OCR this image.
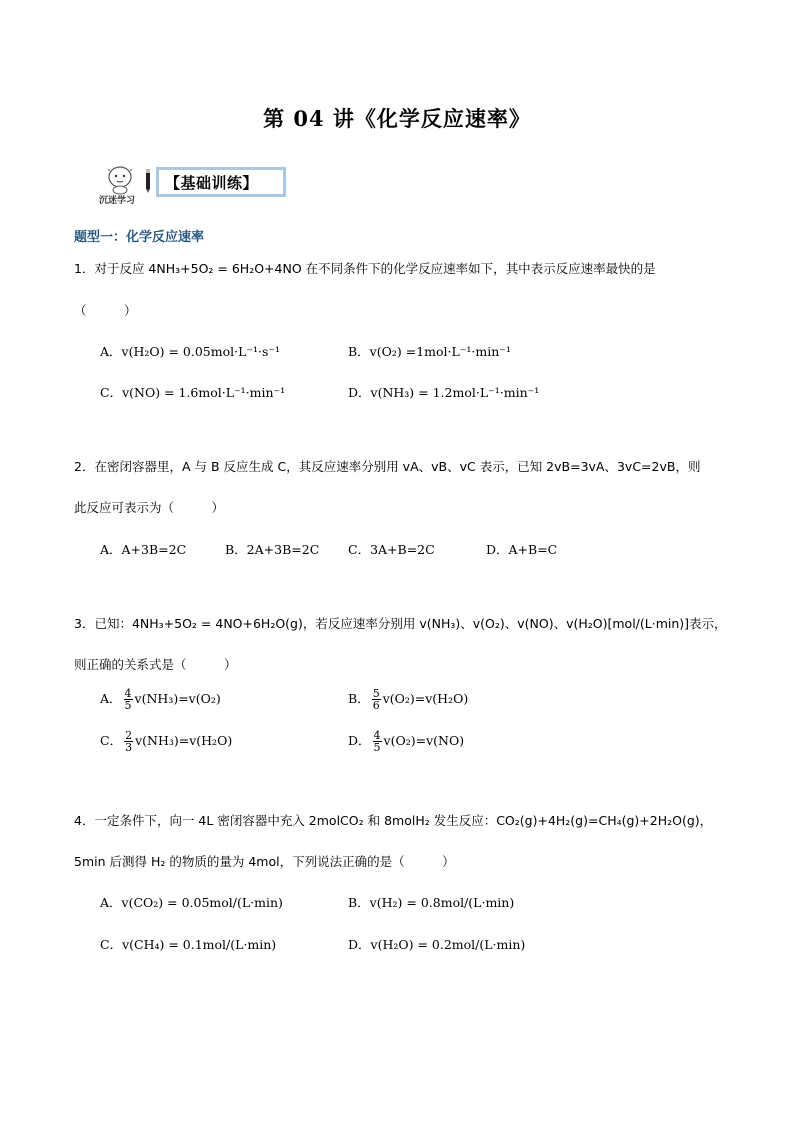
第 04 讲《化学反应速率》
沉迷学习
【基础训练】
题型一：化学反应速率
1．对于反应 4NH₃+5O₂ = 6H₂O+4NO 在不同条件下的化学反应速率如下，其中表示反应速率最快的是
（　　　）
A．v(H₂O) = 0.05mol·L⁻¹·s⁻¹	B．v(O₂) =1mol·L⁻¹·min⁻¹
C．v(NO) = 1.6mol·L⁻¹·min⁻¹	D．v(NH₃) = 1.2mol·L⁻¹·min⁻¹
2．在密闭容器里，A 与 B 反应生成 C，其反应速率分别用 vA、vB、vC 表示，已知 2vB=3vA、3vC=2vB，则
此反应可表示为（　　　）
A．A+3B=2C	B．2A+3B=2C C．3A+B=2C	D．A+B=C
3．已知：4NH₃+5O₂ = 4NO+6H₂O(g)，若反应速率分别用 v(NH₃)、v(O₂)、v(NO)、v(H₂O)[mol/(L·min)]表示，
则正确的关系式是（　　　）
A． $\frac{4}{5} v(NH_3)=v(O_2)$	B． $\frac{5}{6} v(O_2)=v(H_2O)$
C． $\frac{2}{3} v(NH_3)=v(H_2O)$	D． $\frac{4}{5} v(O_2)=v(NO)$
4．一定条件下，向一 4L 密闭容器中充入 2molCO₂ 和 8molH₂ 发生反应：CO₂(g)+4H₂(g)=CH₄(g)+2H₂O(g)，
5min 后测得 H₂ 的物质的量为 4mol，下列说法正确的是（　　　）
A．v(CO₂) = 0.05mol/(L·min)	B．v(H₂) = 0.8mol/(L·min)
C．v(CH₄) = 0.1mol/(L·min)	D．v(H₂O) = 0.2mol/(L·min)
